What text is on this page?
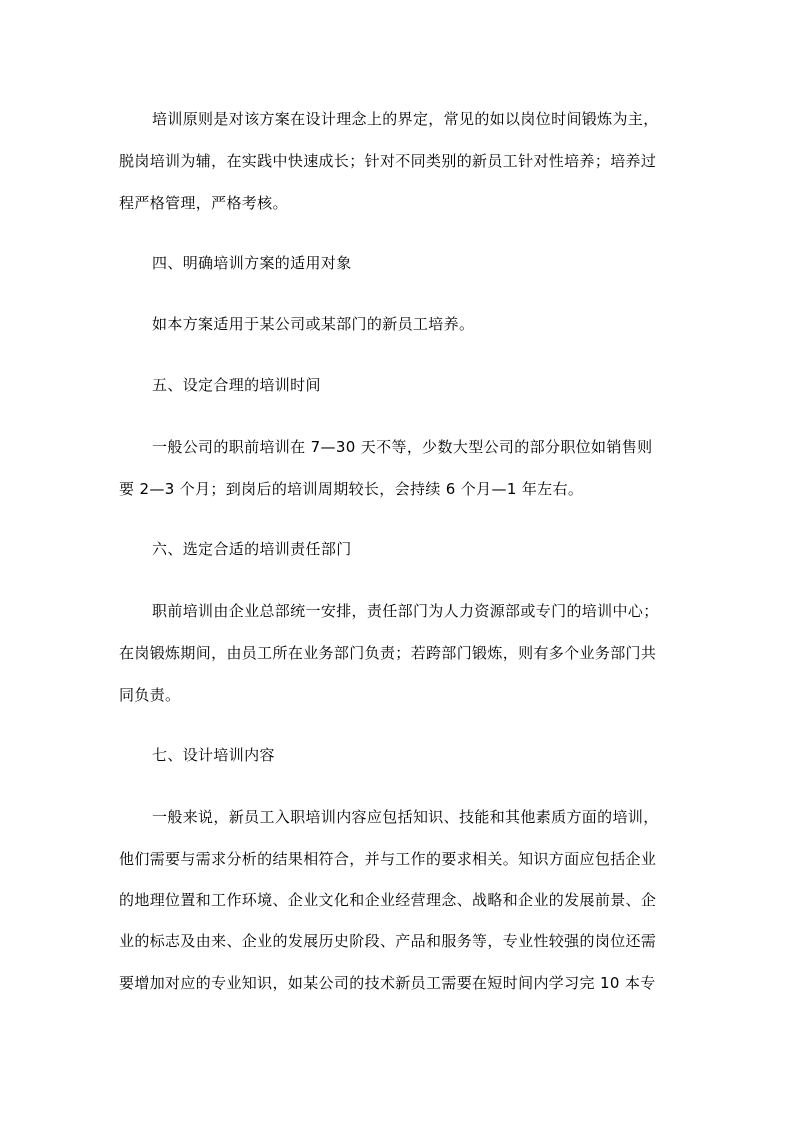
培训原则是对该方案在设计理念上的界定，常见的如以岗位时间锻炼为主，
脱岗培训为辅，在实践中快速成长；针对不同类别的新员工针对性培养；培养过
程严格管理，严格考核。
四、明确培训方案的适用对象
如本方案适用于某公司或某部门的新员工培养。
五、设定合理的培训时间
一般公司的职前培训在 7—30 天不等，少数大型公司的部分职位如销售则
要 2—3 个月；到岗后的培训周期较长，会持续 6 个月—1 年左右。
六、选定合适的培训责任部门
职前培训由企业总部统一安排，责任部门为人力资源部或专门的培训中心；
在岗锻炼期间，由员工所在业务部门负责；若跨部门锻炼，则有多个业务部门共
同负责。
七、设计培训内容
一般来说，新员工入职培训内容应包括知识、技能和其他素质方面的培训，
他们需要与需求分析的结果相符合，并与工作的要求相关。知识方面应包括企业
的地理位置和工作环境、企业文化和企业经营理念、战略和企业的发展前景、企
业的标志及由来、企业的发展历史阶段、产品和服务等，专业性较强的岗位还需
要增加对应的专业知识，如某公司的技术新员工需要在短时间内学习完 10 本专
